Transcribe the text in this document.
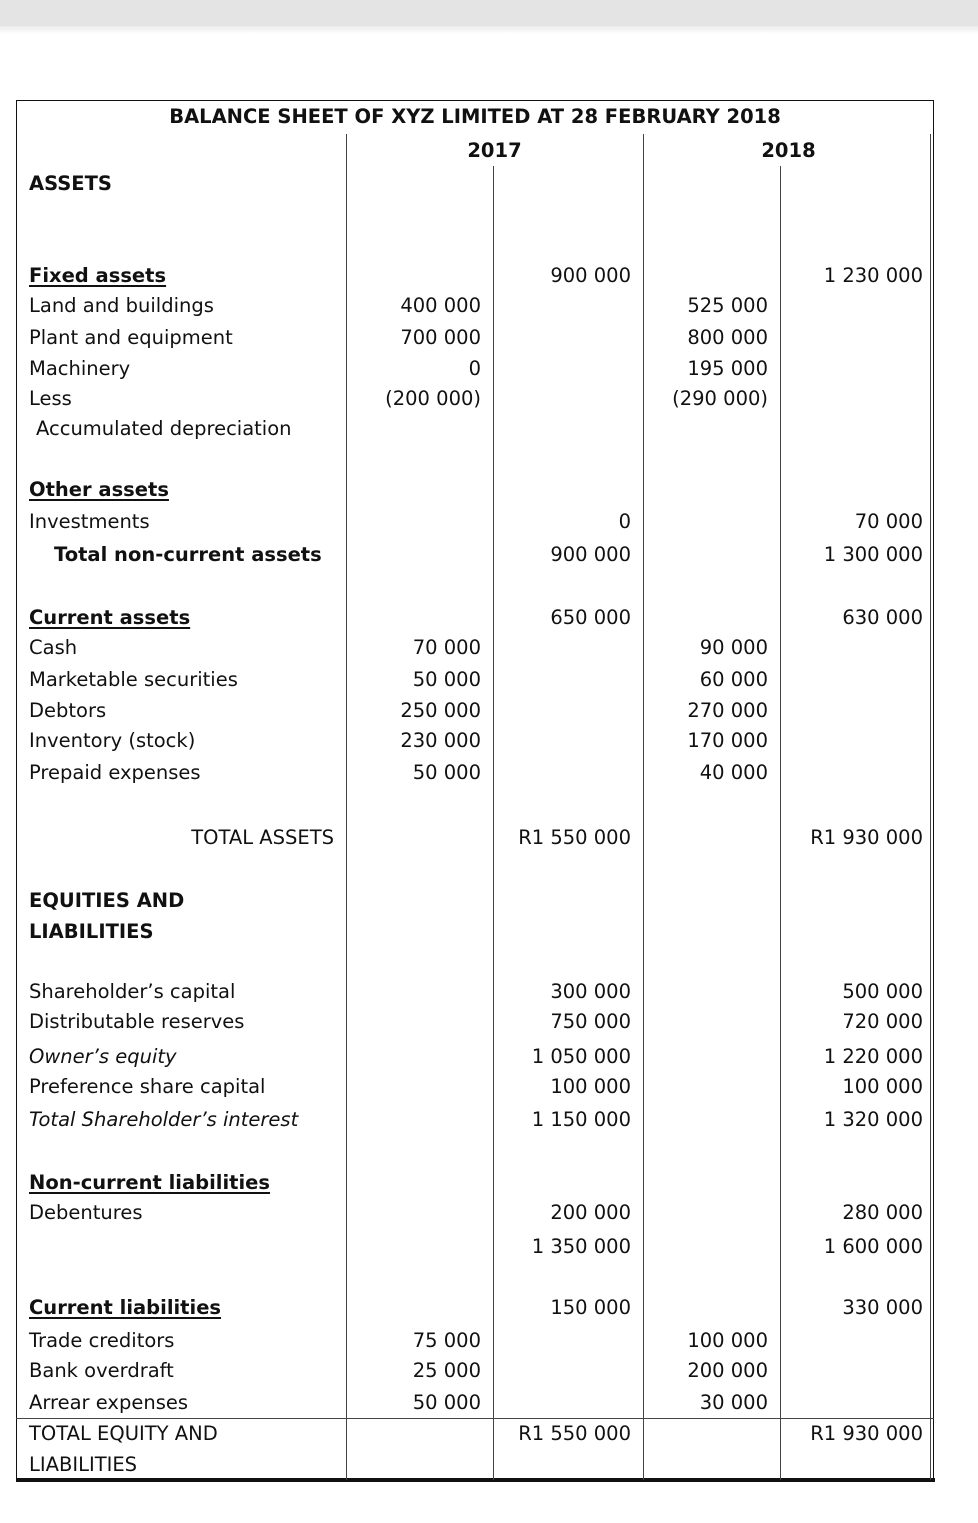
BALANCE SHEET OF XYZ LIMITED AT 28 FEBRUARY 2018
2017	2018
ASSETS
Fixed assets	900 000	1 230 000
Land and buildings	400 000	525 000
Plant and equipment	700 000	800 000
Machinery	0	195 000
Less	(200 000)	(290 000)
Accumulated depreciation
Other assets
Investments	0	70 000
Total non-current assets	900 000	1 300 000
Current assets	650 000	630 000
Cash	70 000	90 000
Marketable securities	50 000	60 000
Debtors	250 000	270 000
Inventory (stock)	230 000	170 000
Prepaid expenses	50 000	40 000
TOTAL ASSETS	R1 550 000	R1 930 000
EQUITIES AND
LIABILITIES
Shareholder’s capital	300 000	500 000
Distributable reserves	750 000	720 000
Owner’s equity	1 050 000	1 220 000
Preference share capital	100 000	100 000
Total Shareholder’s interest	1 150 000	1 320 000
Non-current liabilities
Debentures	200 000	280 000
1 350 000	1 600 000
Current liabilities	150 000	330 000
Trade creditors	75 000	100 000
Bank overdraft	25 000	200 000
Arrear expenses	50 000	30 000
TOTAL EQUITY AND
LIABILITIES
R1 550 000	R1 930 000
